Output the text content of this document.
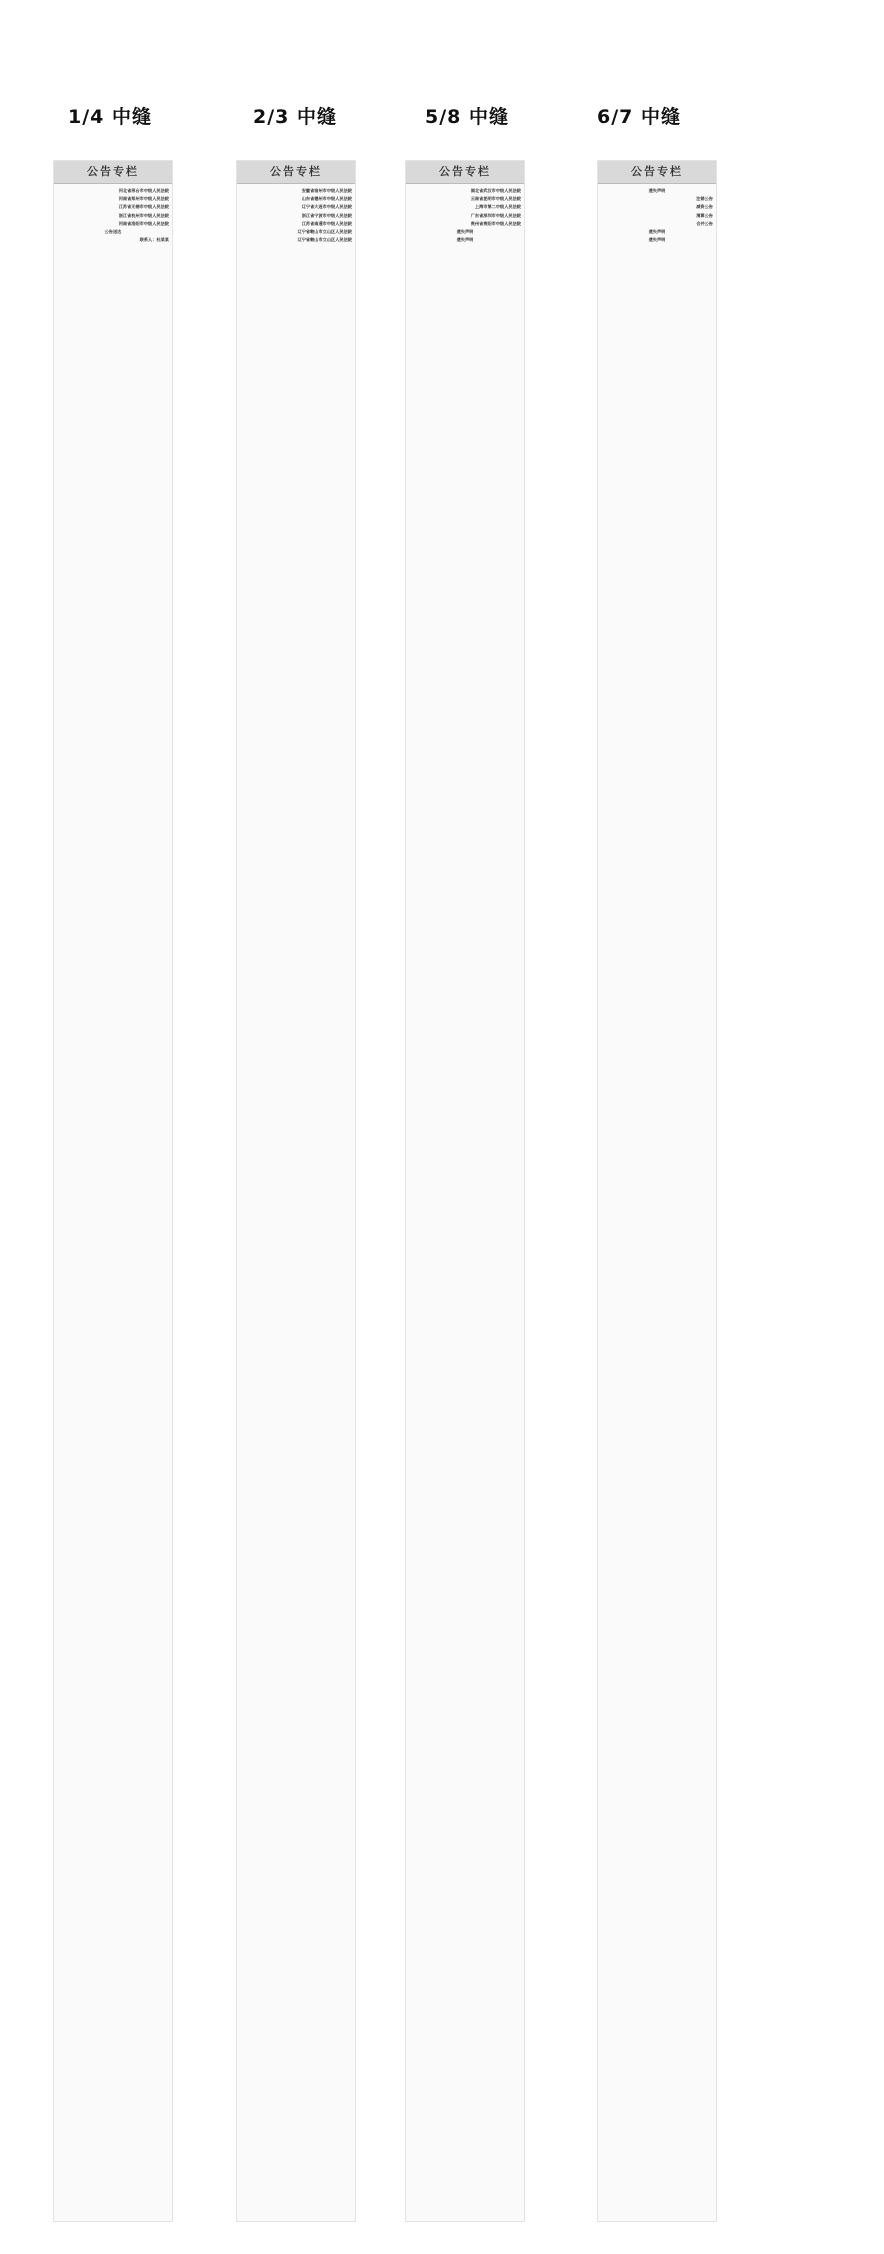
1/4 中缝
公告专栏
河北省邢台市中级人民法院
河南省郑州市中级人民法院
江苏省无锡市中级人民法院
浙江省杭州市中级人民法院
河南省洛阳市中级人民法院
公告送达
联系人：杜某某
2/3 中缝
公告专栏
安徽省宿州市中级人民法院
山东省德州市中级人民法院
辽宁省大连市中级人民法院
浙江省宁波市中级人民法院
江苏省南通市中级人民法院
辽宁省鞍山市立山区人民法院
辽宁省鞍山市立山区人民法院
5/8 中缝
公告专栏
湖北省武汉市中级人民法院
云南省昆明市中级人民法院
上海市第二中级人民法院
广东省深圳市中级人民法院
贵州省贵阳市中级人民法院
遗失声明
遗失声明
6/7 中缝
公告专栏
遗失声明
注销公告
减资公告
清算公告
合并公告
遗失声明
遗失声明
